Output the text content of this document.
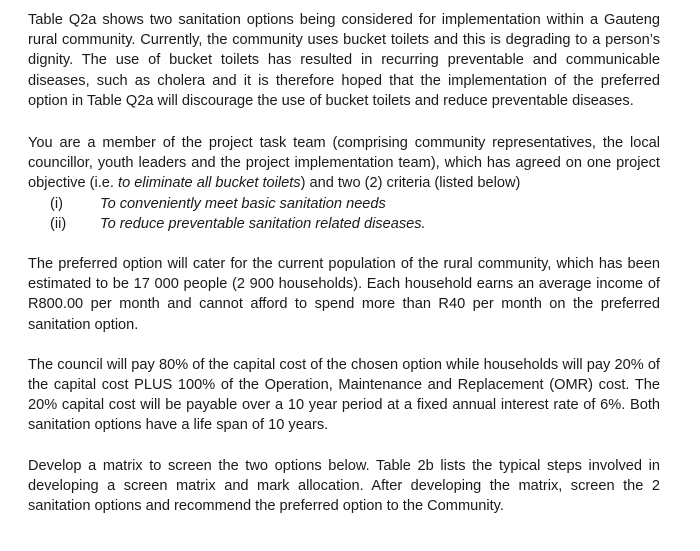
Table Q2a shows two sanitation options being considered for implementation within a Gauteng rural community. Currently, the community uses bucket toilets and this is degrading to a person’s dignity. The use of bucket toilets has resulted in recurring preventable and communicable diseases, such as cholera and it is therefore hoped that the implementation of the preferred option in Table Q2a will discourage the use of bucket toilets and reduce preventable diseases.

You are a member of the project task team (comprising community representatives, the local councillor, youth leaders and the project implementation team), which has agreed on one project objective (i.e. to eliminate all bucket toilets) and two (2) criteria (listed below)

(i)	To conveniently meet basic sanitation needs
(ii)	To reduce preventable sanitation related diseases.

The preferred option will cater for the current population of the rural community, which has been estimated to be 17 000 people (2 900 households). Each household earns an average income of R800.00 per month and cannot afford to spend more than R40 per month on the preferred sanitation option.

The council will pay 80% of the capital cost of the chosen option while households will pay 20% of the capital cost PLUS 100% of the Operation, Maintenance and Replacement (OMR) cost. The 20% capital cost will be payable over a 10 year period at a fixed annual interest rate of 6%. Both sanitation options have a life span of 10 years.

Develop a matrix to screen the two options below. Table 2b lists the typical steps involved in developing a screen matrix and mark allocation. After developing the matrix, screen the 2 sanitation options and recommend the preferred option to the Community.
